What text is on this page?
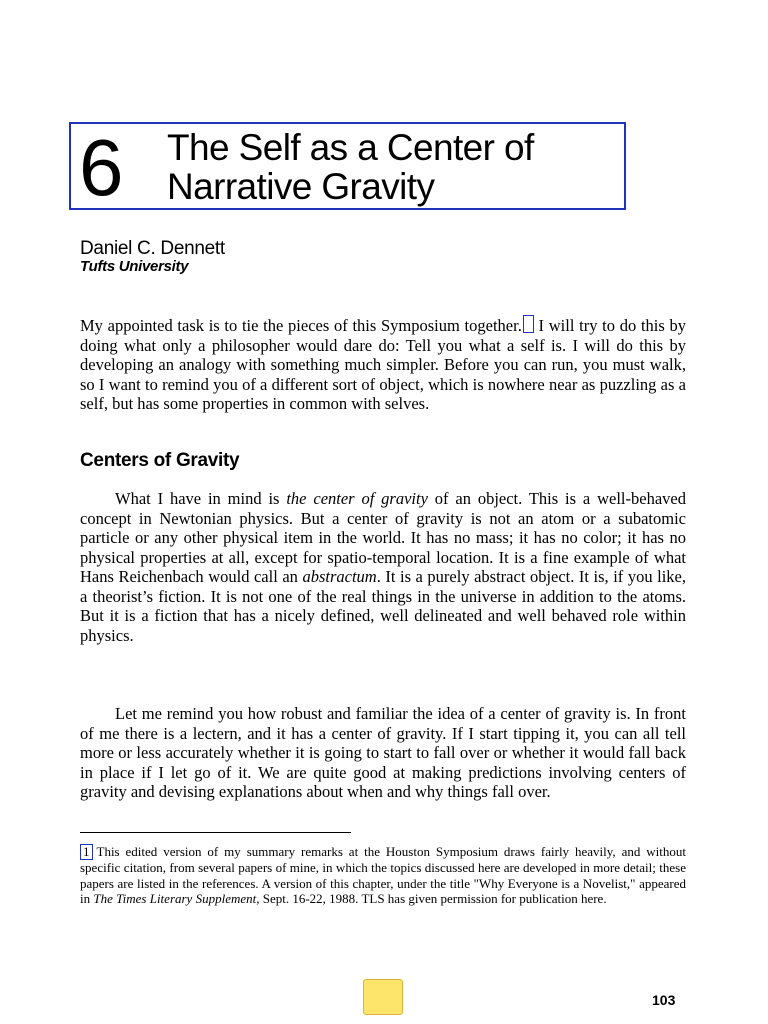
6 The Self as a Center of
Narrative Gravity
Daniel C. Dennett
Tufts University
My appointed task is to tie the pieces of this Symposium together. I will try to do this by doing what only a philosopher would dare do: Tell you what a self is. I will do this by developing an analogy with something much simpler. Before you can run, you must walk, so I want to remind you of a different sort of object, which is nowhere near as puzzling as a self, but has some properties in common with selves.
Centers of Gravity
What I have in mind is the center of gravity of an object. This is a well-behaved concept in Newtonian physics. But a center of gravity is not an atom or a subatomic particle or any other physical item in the world. It has no mass; it has no color; it has no physical properties at all, except for spatio-temporal location. It is a fine example of what Hans Reichenbach would call an abstractum. It is a purely abstract object. It is, if you like, a theorist’s fiction. It is not one of the real things in the universe in addition to the atoms. But it is a fiction that has a nicely defined, well delineated and well behaved role within physics.
Let me remind you how robust and familiar the idea of a center of gravity is. In front of me there is a lectern, and it has a center of gravity. If I start tipping it, you can all tell more or less accurately whether it is going to start to fall over or whether it would fall back in place if I let go of it. We are quite good at making predictions involving centers of gravity and devising explanations about when and why things fall over.
1 This edited version of my summary remarks at the Houston Symposium draws fairly heavily, and without specific citation, from several papers of mine, in which the topics discussed here are developed in more detail; these papers are listed in the references. A version of this chapter, under the title "Why Everyone is a Novelist," appeared in The Times Literary Supplement, Sept. 16-22, 1988. TLS has given permission for publication here.
103
